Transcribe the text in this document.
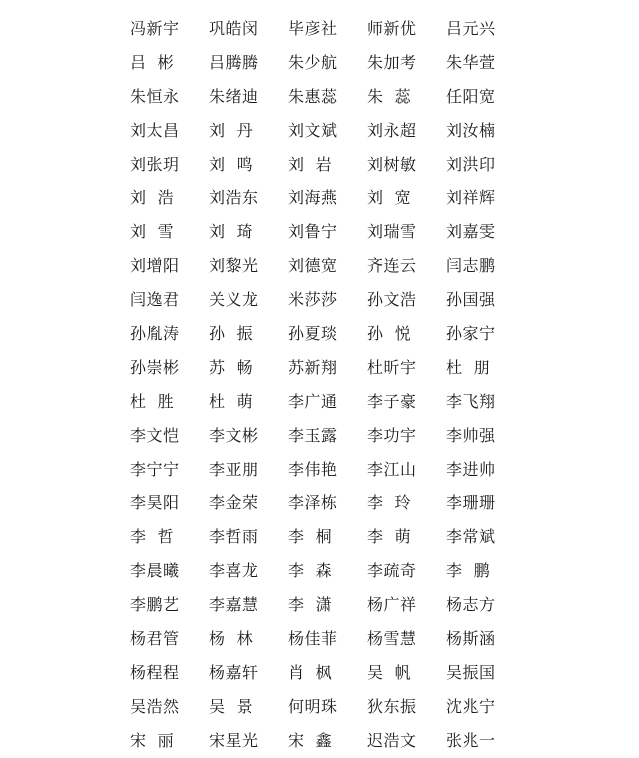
冯新宇	巩皓闵	毕彦社	师新优	吕元兴
吕  彬	吕腾腾	朱少航	朱加考	朱华萱
朱恒永	朱绪迪	朱惠蕊	朱  蕊	任阳宽
刘太昌	刘  丹	刘文斌	刘永超	刘汝楠
刘张玥	刘  鸣	刘  岩	刘树敏	刘洪印
刘  浩	刘浩东	刘海燕	刘  宽	刘祥辉
刘  雪	刘  琦	刘鲁宁	刘瑞雪	刘嘉雯
刘增阳	刘黎光	刘德宽	齐连云	闫志鹏
闫逸君	关义龙	米莎莎	孙文浩	孙国强
孙胤涛	孙  振	孙夏琰	孙  悦	孙家宁
孙崇彬	苏  畅	苏新翔	杜昕宇	杜  朋
杜  胜	杜  萌	李广通	李子豪	李飞翔
李文恺	李文彬	李玉露	李功宇	李帅强
李宁宁	李亚朋	李伟艳	李江山	李进帅
李昊阳	李金荣	李泽栋	李  玲	李珊珊
李  哲	李哲雨	李  桐	李  萌	李常斌
李晨曦	李喜龙	李  森	李疏奇	李  鹏
李鹏艺	李嘉慧	李  潇	杨广祥	杨志方
杨君管	杨  林	杨佳菲	杨雪慧	杨斯涵
杨程程	杨嘉轩	肖  枫	吴  帆	吴振国
吴浩然	吴  景	何明珠	狄东振	沈兆宁
宋  丽	宋星光	宋  鑫	迟浩文	张兆一
